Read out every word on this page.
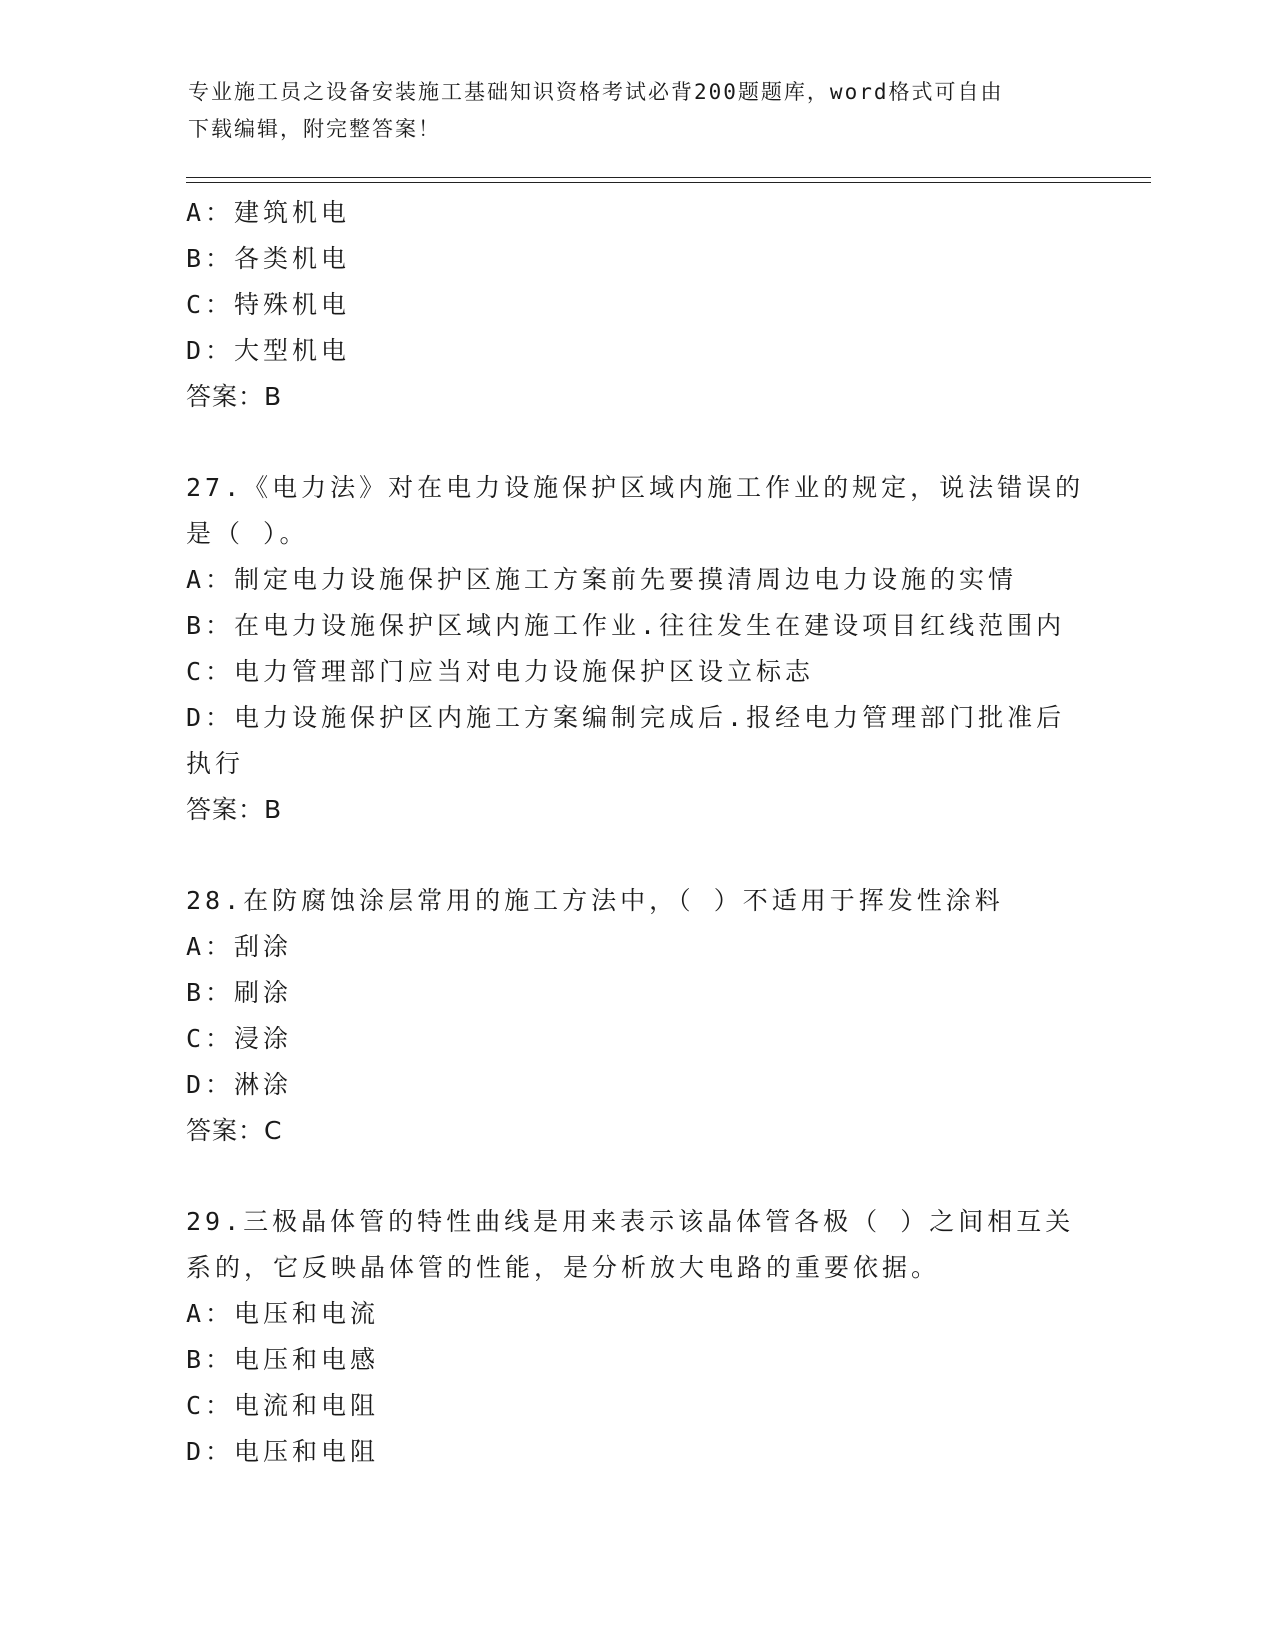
专业施工员之设备安装施工基础知识资格考试必背200题题库，word格式可自由
下载编辑，附完整答案！
A：建筑机电
B：各类机电
C：特殊机电
D：大型机电
答案：B
27.《电力法》对在电力设施保护区域内施工作业的规定，说法错误的
是（ ）。
A：制定电力设施保护区施工方案前先要摸清周边电力设施的实情
B：在电力设施保护区域内施工作业.往往发生在建设项目红线范围内
C：电力管理部门应当对电力设施保护区设立标志
D：电力设施保护区内施工方案编制完成后.报经电力管理部门批准后
执行
答案：B
28.在防腐蚀涂层常用的施工方法中，（ ）不适用于挥发性涂料
A：刮涂
B：刷涂
C：浸涂
D：淋涂
答案：C
29.三极晶体管的特性曲线是用来表示该晶体管各极（ ）之间相互关
系的，它反映晶体管的性能，是分析放大电路的重要依据。
A：电压和电流
B：电压和电感
C：电流和电阻
D：电压和电阻
